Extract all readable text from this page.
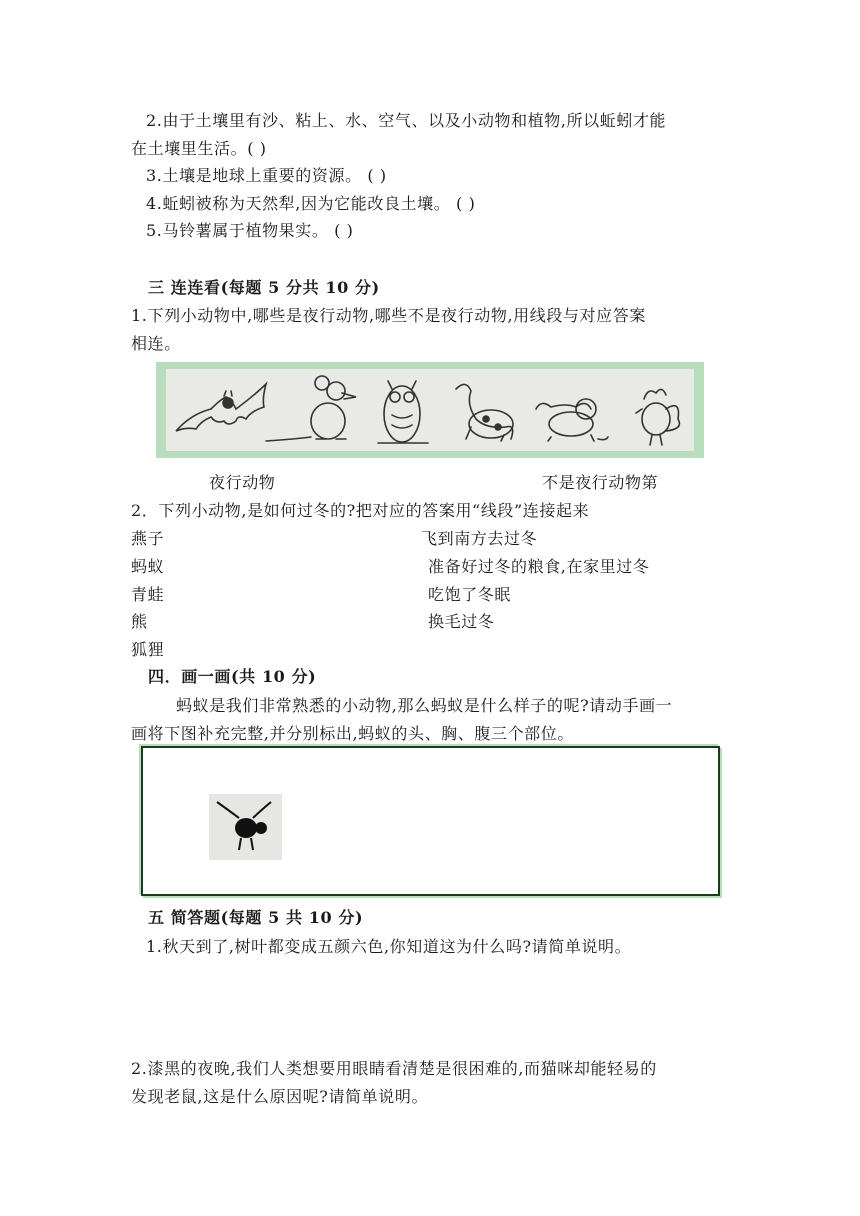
2.由于土壤里有沙、粘上、水、空气、以及小动物和植物,所以蚯蚓才能
在土壤里生活。( )
3.土壤是地球上重要的资源。 ( )
4.蚯蚓被称为天然犁,因为它能改良土壤。 ( )
5.马铃薯属于植物果实。 ( )
三 连连看(每题 5 分共 10 分)
1.下列小动物中,哪些是夜行动物,哪些不是夜行动物,用线段与对应答案
相连。
夜行动物	不是夜行动物第
2．下列小动物,是如何过冬的?把对应的答案用“线段”连接起来
燕子
蚂蚁
青蛙
熊
狐狸
飞到南方去过冬
准备好过冬的粮食,在家里过冬
吃饱了冬眠
换毛过冬
四．画一画(共 10 分)
蚂蚁是我们非常熟悉的小动物,那么蚂蚁是什么样子的呢?请动手画一
画将下图补充完整,并分别标出,蚂蚁的头、胸、腹三个部位。
五 简答题(每题 5 共 10 分)
1.秋天到了,树叶都变成五颜六色,你知道这为什么吗?请简单说明。
2.漆黑的夜晚,我们人类想要用眼睛看清楚是很困难的,而猫咪却能轻易的
发现老鼠,这是什么原因呢?请简单说明。
